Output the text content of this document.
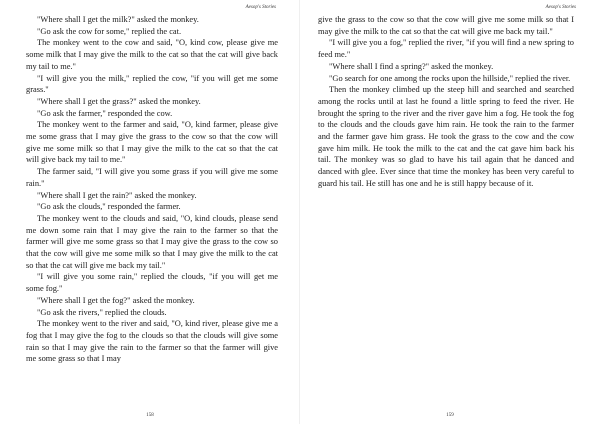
Aesop's Stories

"Where shall I get the milk?" asked the monkey.

"Go ask the cow for some," replied the cat.

The monkey went to the cow and said, "O, kind cow, please give me some milk that I may give the milk to the cat so that the cat will give back my tail to me."

"I will give you the milk," replied the cow, "if you will get me some grass."

"Where shall I get the grass?" asked the monkey.

"Go ask the farmer," responded the cow.

The monkey went to the farmer and said, "O, kind farmer, please give me some grass that I may give the grass to the cow so that the cow will give me some milk so that I may give the milk to the cat so that the cat will give back my tail to me."

The farmer said, "I will give you some grass if you will give me some rain."

"Where shall I get the rain?" asked the monkey.

"Go ask the clouds," responded the farmer.

The monkey went to the clouds and said, "O, kind clouds, please send me down some rain that I may give the rain to the farmer so that the farmer will give me some grass so that I may give the grass to the cow so that the cow will give me some milk so that I may give the milk to the cat so that the cat will give me back my tail."

"I will give you some rain," replied the clouds, "if you will get me some fog."

"Where shall I get the fog?" asked the monkey.

"Go ask the rivers," replied the clouds.

The monkey went to the river and said, "O, kind river, please give me a fog that I may give the fog to the clouds so that the clouds will give some rain so that I may give the rain to the farmer so that the farmer will give me some grass so that I may

158
Aesop's Stories

give the grass to the cow so that the cow will give me some milk so that I may give the milk to the cat so that the cat will give me back my tail."

"I will give you a fog," replied the river, "if you will find a new spring to feed me."

"Where shall I find a spring?" asked the monkey.

"Go search for one among the rocks upon the hillside," replied the river.

Then the monkey climbed up the steep hill and searched and searched among the rocks until at last he found a little spring to feed the river. He brought the spring to the river and the river gave him a fog. He took the fog to the clouds and the clouds gave him rain. He took the rain to the farmer and the farmer gave him grass. He took the grass to the cow and the cow gave him milk. He took the milk to the cat and the cat gave him back his tail. The monkey was so glad to have his tail again that he danced and danced with glee. Ever since that time the monkey has been very careful to guard his tail. He still has one and he is still happy because of it.

159
